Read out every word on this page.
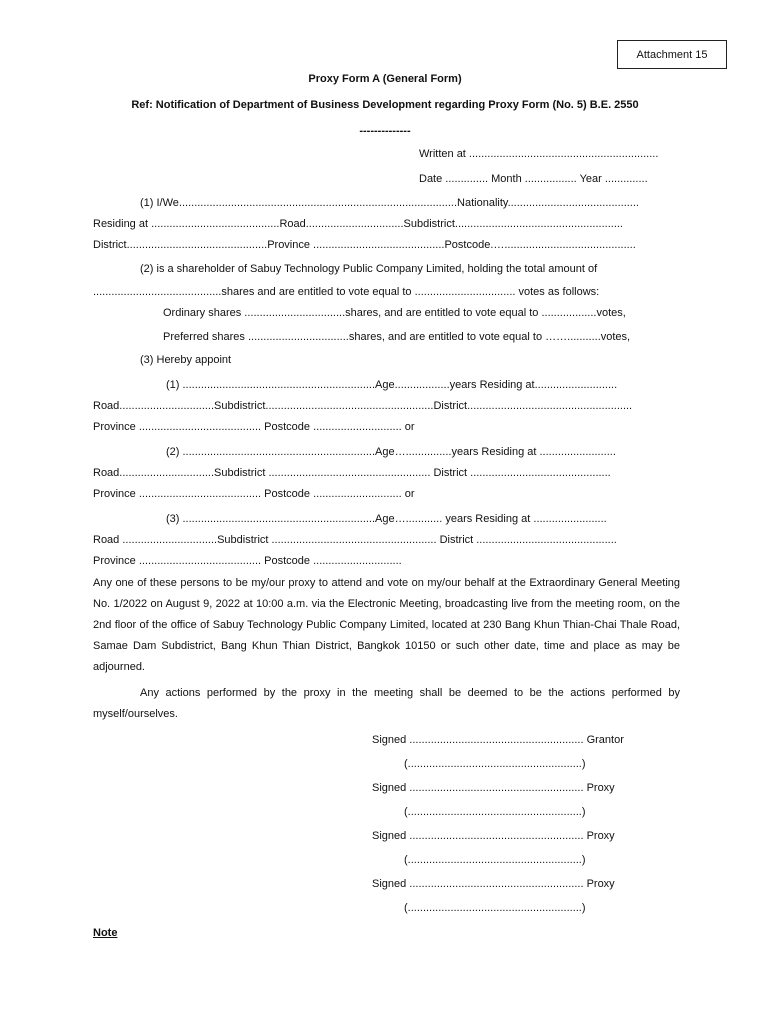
Attachment 15
Proxy Form A (General Form)
Ref: Notification of Department of Business Development regarding Proxy Form (No. 5) B.E. 2550
--------------
Written at ..............................................................
Date .............. Month ................. Year ..............
(1) I/We...........................................................................................Nationality...........................................
Residing at ..........................................Road................................Subdistrict.......................................................
District..............................................Province ...........................................Postcode.…...........................................
(2) is a shareholder of Sabuy Technology Public Company Limited, holding the total amount of
..........................................shares and are entitled to vote equal to ................................. votes as follows:
Ordinary shares .................................shares, and are entitled to vote equal to ..................votes,
Preferred shares .................................shares, and are entitled to vote equal to ……...........votes,
(3) Hereby appoint
(1) ...............................................................Age..................years Residing at...........................
Road...............................Subdistrict.......................................................District......................................................
Province ........................................ Postcode ............................. or
(2) ...............................................................Age…...............years Residing at .........................
Road...............................Subdistrict ..................................................... District ..............................................
Province ........................................ Postcode ............................. or
(3) ...............................................................Age…............ years Residing at ........................
Road ...............................Subdistrict ...................................................... District ..............................................
Province ........................................ Postcode .............................
Any one of these persons to be my/our proxy to attend and vote on my/our behalf at the Extraordinary General Meeting No. 1/2022 on August 9, 2022 at 10:00 a.m. via the Electronic Meeting, broadcasting live from the meeting room, on the 2nd floor of the office of Sabuy Technology Public Company Limited, located at 230 Bang Khun Thian-Chai Thale Road, Samae Dam Subdistrict, Bang Khun Thian District, Bangkok 10150 or such other date, time and place as may be adjourned.
Any actions performed by the proxy in the meeting shall be deemed to be the actions performed by myself/ourselves.
Signed ......................................................... Grantor
(.........................................................)
Signed ......................................................... Proxy
(.........................................................)
Signed ......................................................... Proxy
(.........................................................)
Signed ......................................................... Proxy
(.........................................................)
Note
